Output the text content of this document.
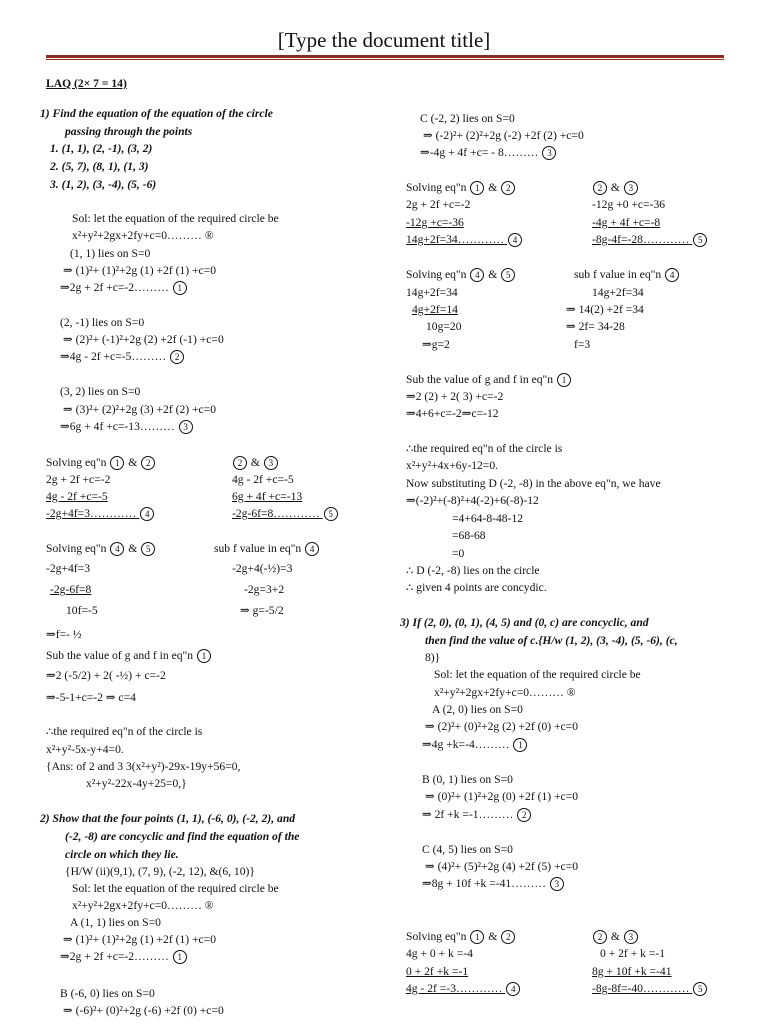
[Type the document title]
LAQ (2× 7 = 14)
1) Find the equation of the equation of the circle
passing through the points
1. (1, 1), (2, -1), (3, 2)
2. (5, 7), (8, 1), (1, 3)
3. (1, 2), (3, -4), (5, -6)
Sol: let the equation of the required circle be
x²+y²+2gx+2fy+c=0……… ®
(1, 1) lies on S=0
⇒ (1)²+ (1)²+2g (1) +2f (1) +c=0
⇒2g + 2f +c=-2……… 1
(2, -1) lies on S=0
⇒ (2)²+ (-1)²+2g (2) +2f (-1) +c=0
⇒4g - 2f +c=-5……… 2
(3, 2) lies on S=0
⇒ (3)²+ (2)²+2g (3) +2f (2) +c=0
⇒6g + 4f +c=-13……… 3
Solving eq"n 1 & 2
2g + 2f +c=-2
4g - 2f +c=-5
-2g+4f=3………… 4
Solving eq"n 4 & 5
-2g+4f=3
-2g-6f=8
10f=-5
⇒f=- ½
Sub the value of g and f in eq"n 1
⇒2 (-5/2) + 2( -½) + c=-2
⇒-5-1+c=-2 ⇒ c=4
∴the required eq"n of the circle is
x²+y²-5x-y+4=0.
{Ans: of 2 and 3 3(x²+y²)-29x-19y+56=0,
x²+y²-22x-4y+25=0,}
2) Show that the four points (1, 1), (-6, 0), (-2, 2), and
(-2, -8) are concyclic and find the equation of the
circle on which they lie.
{H/W (ii)(9,1), (7, 9), (-2, 12), &(6, 10)}
Sol: let the equation of the required circle be
x²+y²+2gx+2fy+c=0……… ®
A (1, 1) lies on S=0
⇒ (1)²+ (1)²+2g (1) +2f (1) +c=0
⇒2g + 2f +c=-2……… 1
B (-6, 0) lies on S=0
⇒ (-6)²+ (0)²+2g (-6) +2f (0) +c=0
2 & 3
4g - 2f +c=-5
6g + 4f +c=-13
-2g-6f=8………… 5
sub f value in eq"n 4
-2g+4(-½)=3
-2g=3+2
⇒ g=-5/2
C (-2, 2) lies on S=0
⇒ (-2)²+ (2)²+2g (-2) +2f (2) +c=0
⇒-4g + 4f +c= - 8……… 3
Solving eq"n 1 & 2
2g + 2f +c=-2
-12g +c=-36
14g+2f=34………… 4
Solving eq"n 4 & 5
14g+2f=34
4g+2f=14
10g=20
⇒g=2
Sub the value of g and f in eq"n 1
⇒2 (2) + 2( 3) +c=-2
⇒4+6+c=-2⇒c=-12
∴the required eq"n of the circle is
x²+y²+4x+6y-12=0.
Now substituting D (-2, -8) in the above eq"n, we have
⇒(-2)²+(-8)²+4(-2)+6(-8)-12
=4+64-8-48-12
=68-68
=0
∴ D (-2, -8) lies on the circle
∴ given 4 points are concydic.
3) If (2, 0), (0, 1), (4, 5) and (0, c) are concyclic, and
then find the value of c.{H/w (1, 2), (3, -4), (5, -6), (c,
8)}
Sol: let the equation of the required circle be
x²+y²+2gx+2fy+c=0……… ®
A (2, 0) lies on S=0
⇒ (2)²+ (0)²+2g (2) +2f (0) +c=0
⇒4g +k=-4……… 1
B (0, 1) lies on S=0
⇒ (0)²+ (1)²+2g (0) +2f (1) +c=0
⇒ 2f +k =-1……… 2
C (4, 5) lies on S=0
⇒ (4)²+ (5)²+2g (4) +2f (5) +c=0
⇒8g + 10f +k =-41……… 3
Solving eq"n 1 & 2
4g + 0 + k =-4
0 + 2f +k =-1
4g - 2f =-3………… 4
2 & 3
-12g +0 +c=-36
-4g + 4f +c=-8
-8g-4f=-28………… 5
sub f value in eq"n 4
14g+2f=34
⇒ 14(2) +2f =34
⇒ 2f= 34-28
f=3
2 & 3
0 + 2f + k =-1
8g + 10f +k =-41
-8g-8f=-40………… 5
